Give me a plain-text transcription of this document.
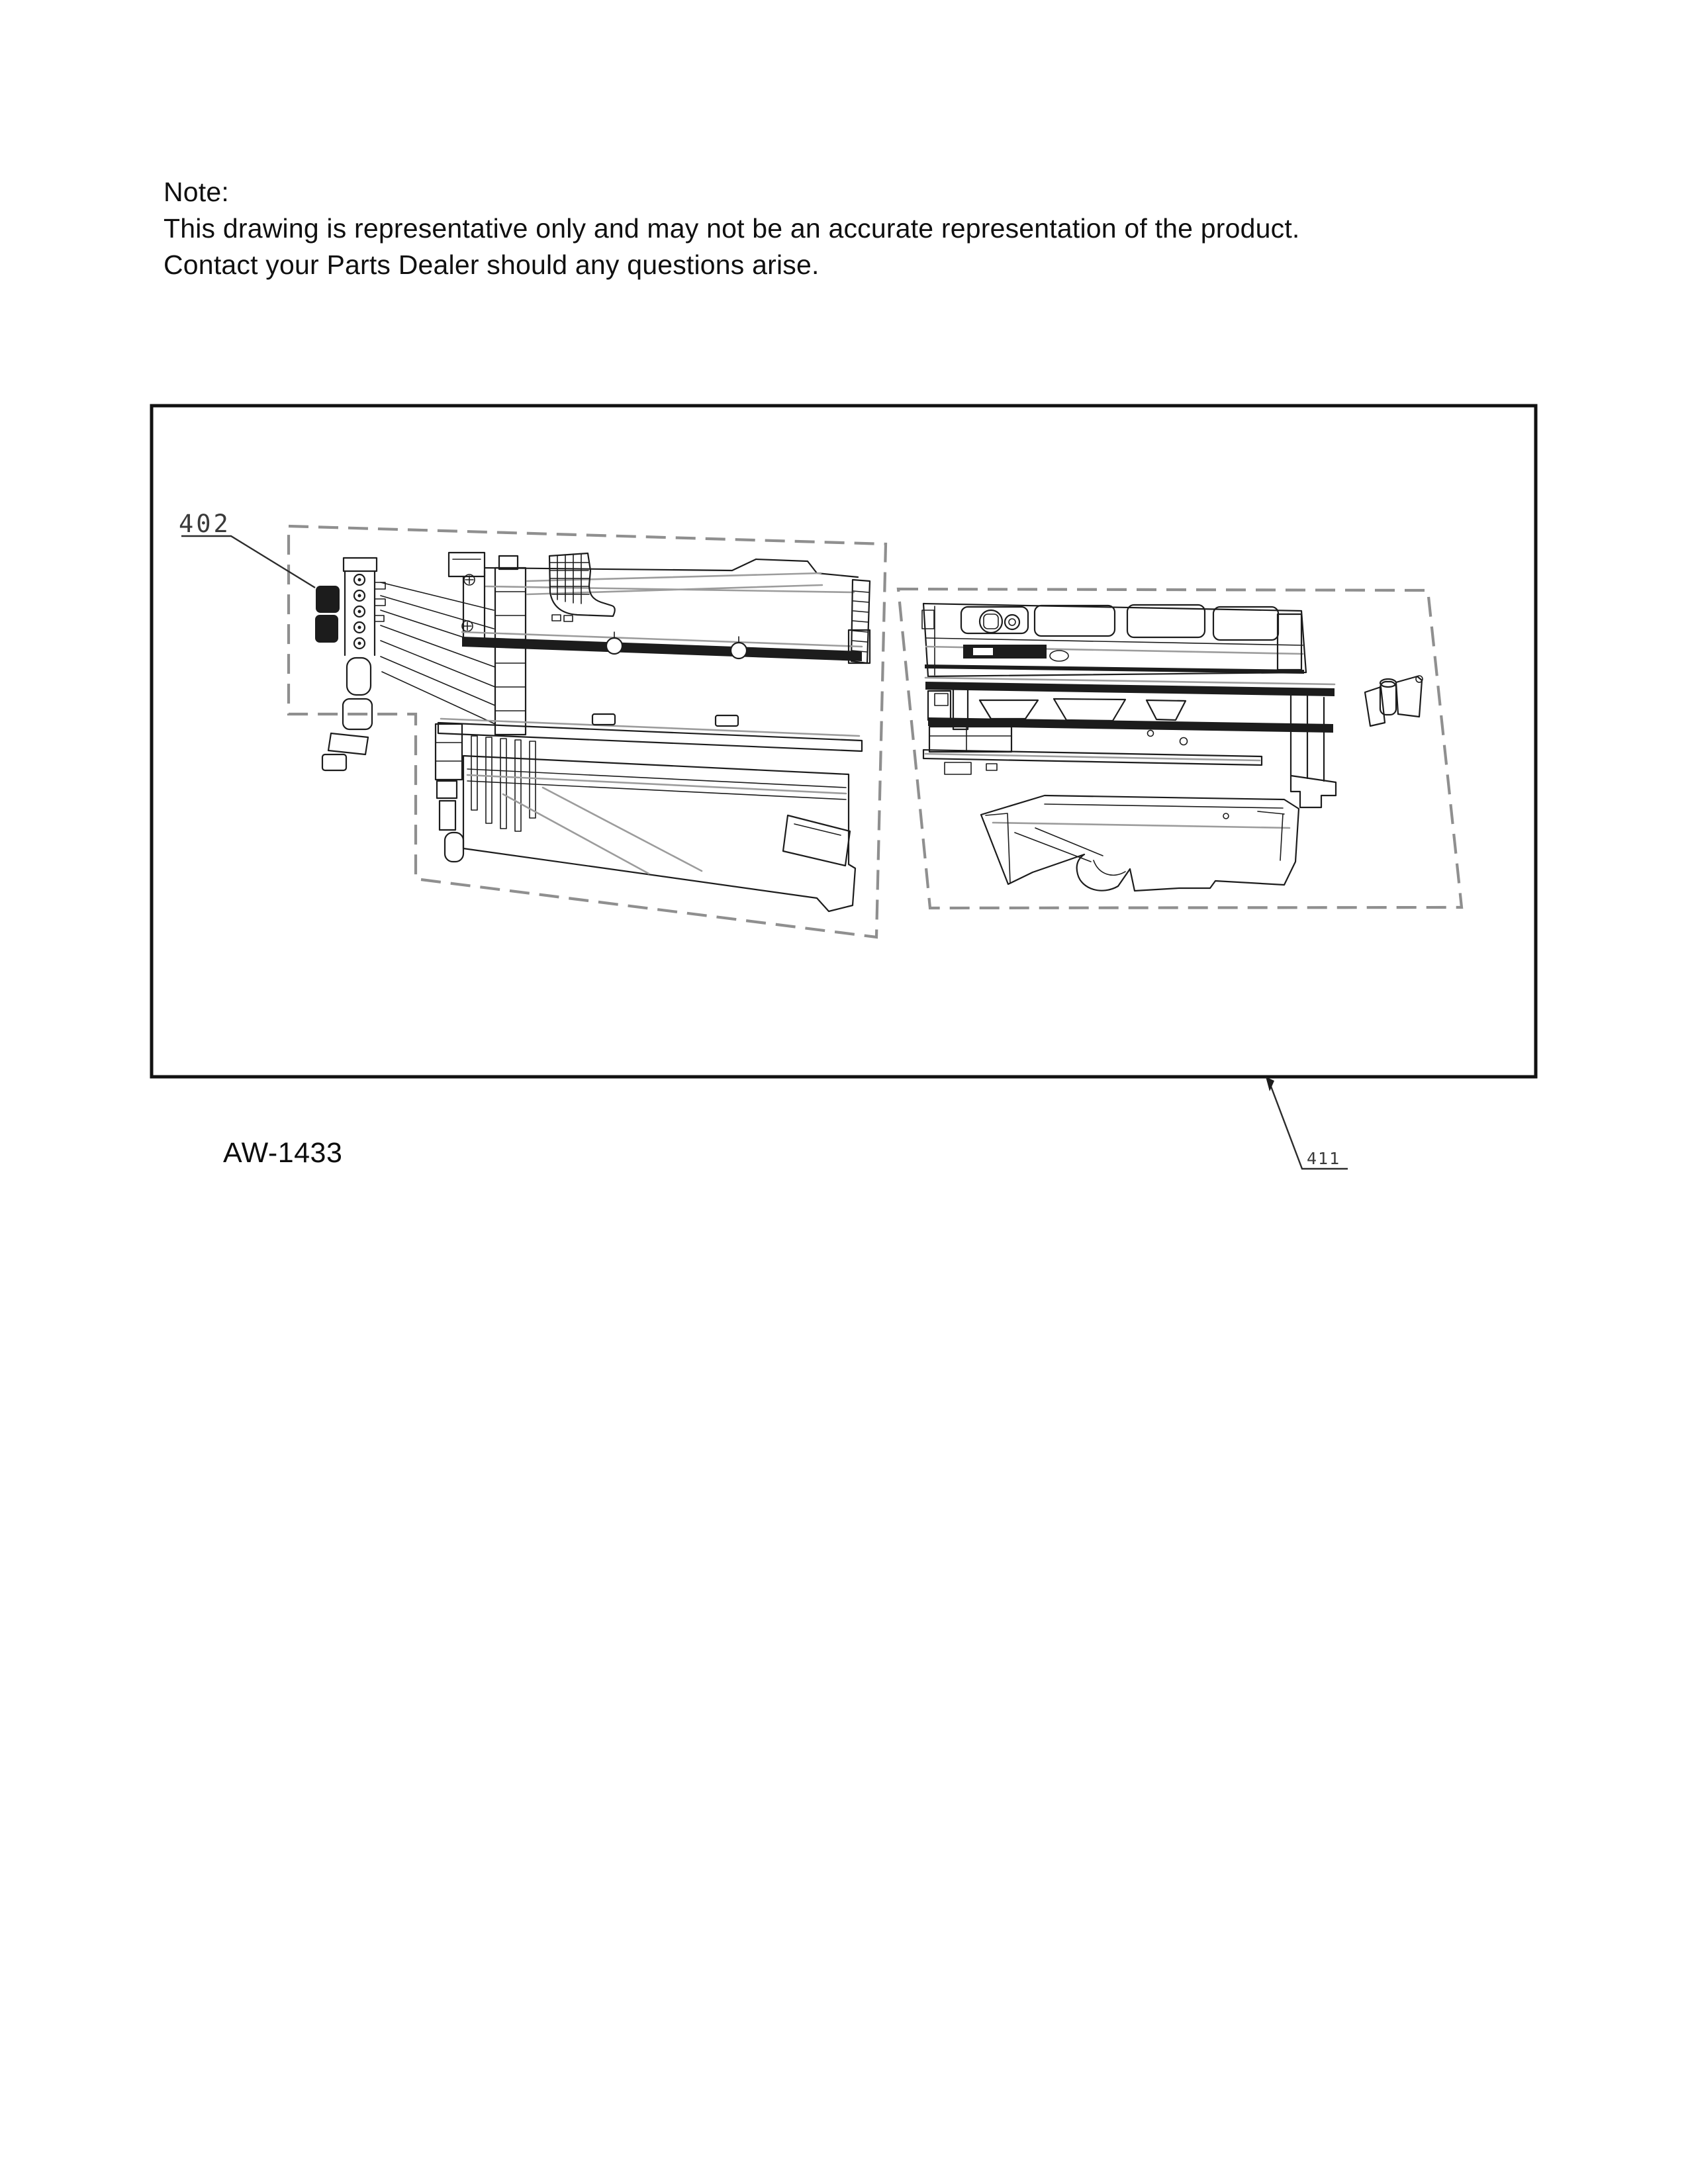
Note:
This drawing is representative only and may not be an accurate representation of the product.
Contact your Parts Dealer should any questions arise.
402
411
AW-1433
